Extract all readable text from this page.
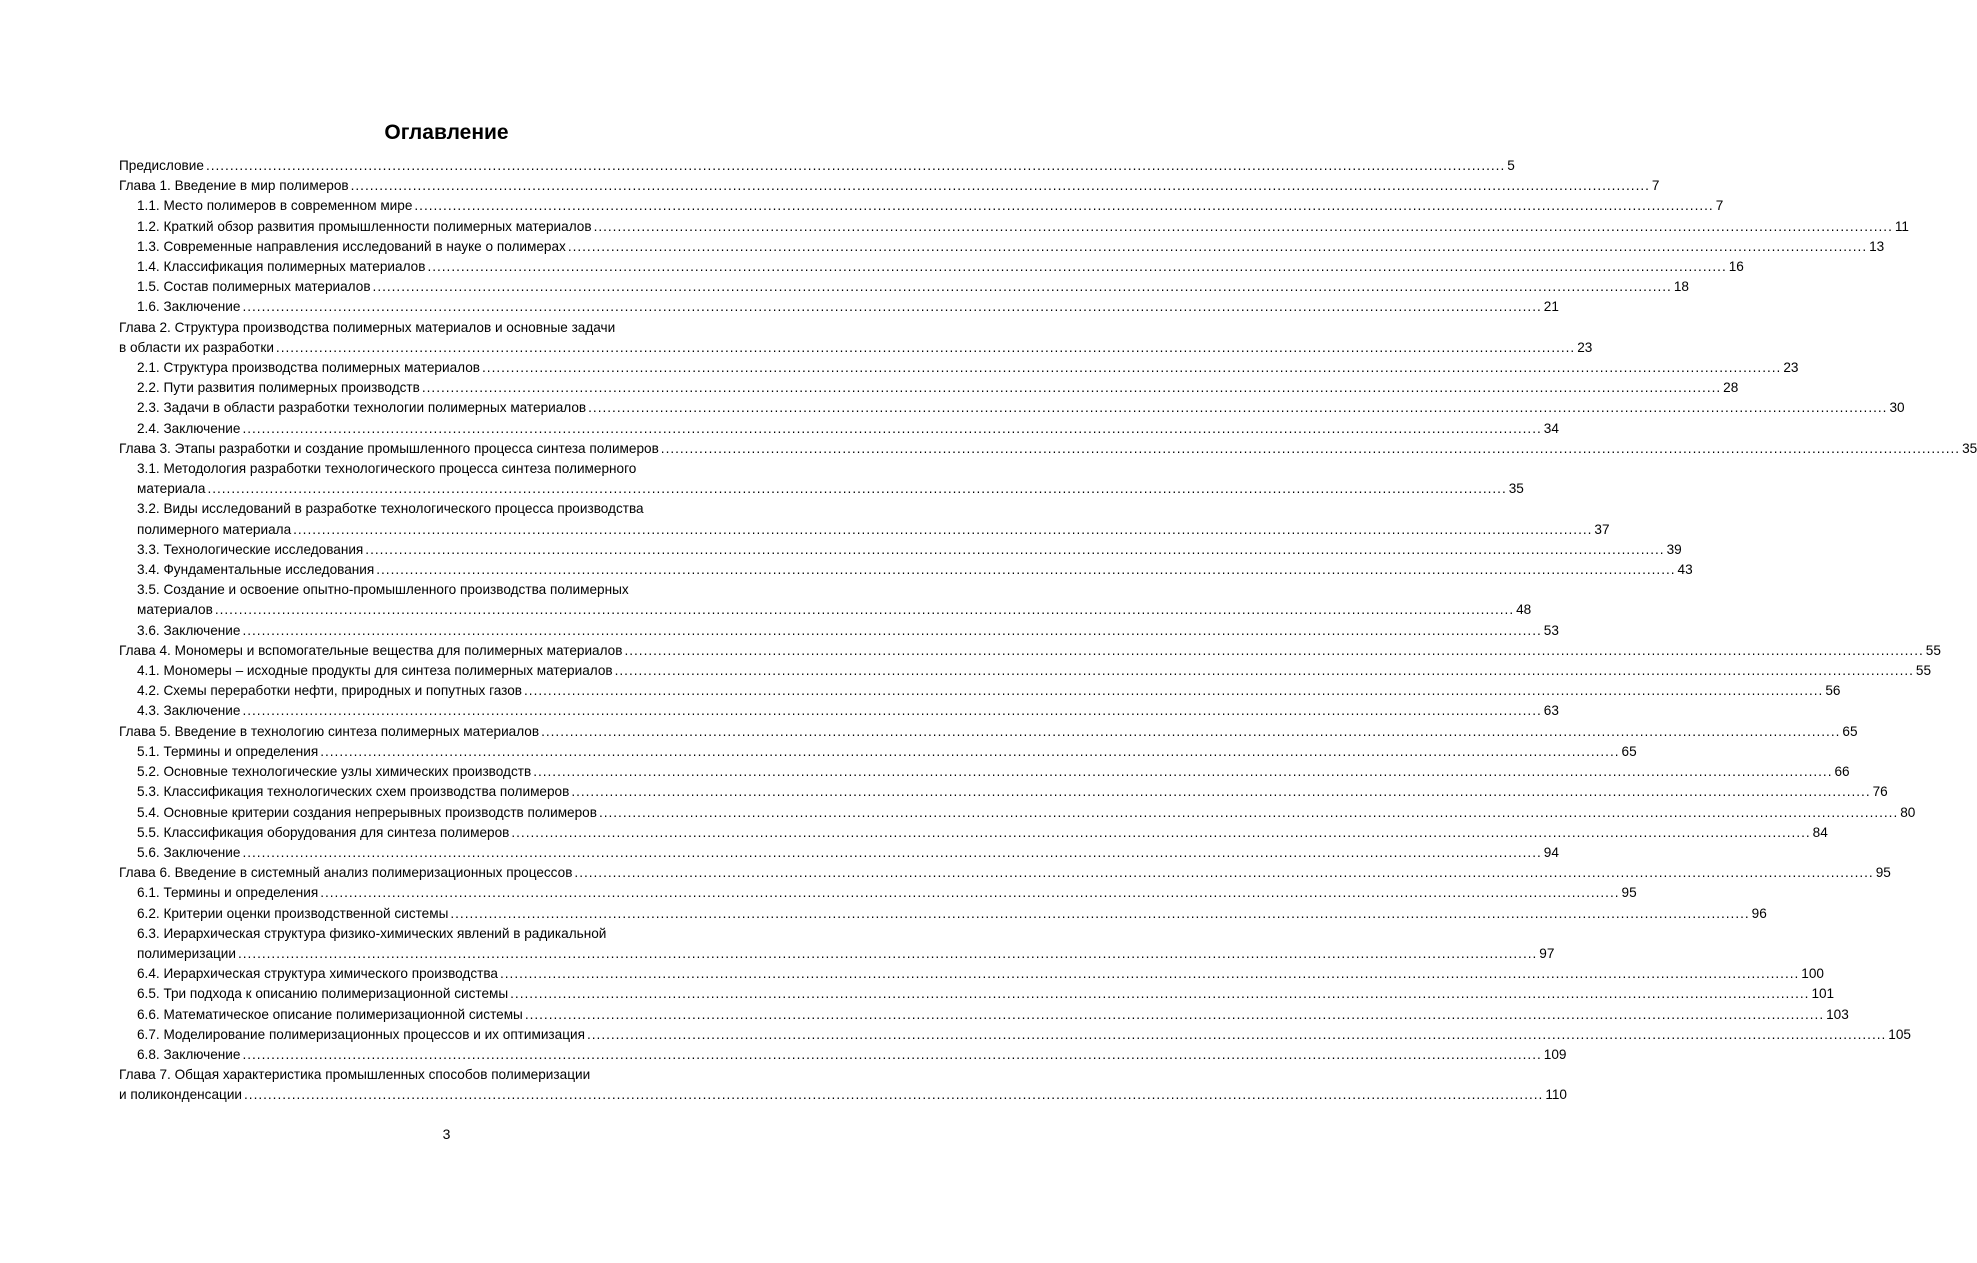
Оглавление
Предисловие .....	5
Глава 1. Введение в мир полимеров .....	7
1.1. Место полимеров в современном мире .....	7
1.2. Краткий обзор развития промышленности полимерных материалов .....	11
1.3. Современные направления исследований в науке о полимерах .....	13
1.4. Классификация полимерных материалов .....	16
1.5. Состав полимерных материалов .....	18
1.6. Заключение .....	21
Глава 2. Структура производства полимерных материалов и основные задачи
в области их разработки .....	23
2.1. Структура производства полимерных материалов .....	23
2.2. Пути развития полимерных производств .....	28
2.3. Задачи в области разработки технологии полимерных материалов .....	30
2.4. Заключение .....	34
Глава 3. Этапы разработки и создание промышленного процесса синтеза полимеров .....	35
3.1. Методология разработки технологического процесса синтеза полимерного
материала .....	35
3.2. Виды исследований в разработке технологического процесса производства
полимерного материала .....	37
3.3. Технологические исследования .....	39
3.4. Фундаментальные исследования .....	43
3.5. Создание и освоение опытно-промышленного производства полимерных
материалов .....	48
3.6. Заключение .....	53
Глава 4. Мономеры и вспомогательные вещества для полимерных материалов .....	55
4.1. Мономеры – исходные продукты для синтеза полимерных материалов .....	55
4.2. Схемы переработки нефти, природных и попутных газов .....	56
4.3. Заключение .....	63
Глава 5. Введение в технологию синтеза полимерных материалов .....	65
5.1. Термины и определения .....	65
5.2. Основные технологические узлы химических производств .....	66
5.3. Классификация технологических схем производства полимеров .....	76
5.4. Основные критерии создания непрерывных производств полимеров .....	80
5.5. Классификация оборудования для синтеза полимеров .....	84
5.6. Заключение .....	94
Глава 6. Введение в системный анализ полимеризационных процессов .....	95
6.1. Термины и определения .....	95
6.2. Критерии оценки производственной системы .....	96
6.3. Иерархическая структура физико-химических явлений в радикальной
полимеризации .....	97
6.4. Иерархическая структура химического производства .....	100
6.5. Три подхода к описанию полимеризационной системы .....	101
6.6. Математическое описание полимеризационной системы .....	103
6.7. Моделирование полимеризационных процессов и их оптимизация .....	105
6.8. Заключение .....	109
Глава 7. Общая характеристика промышленных способов полимеризации
и поликонденсации .....	110
3
